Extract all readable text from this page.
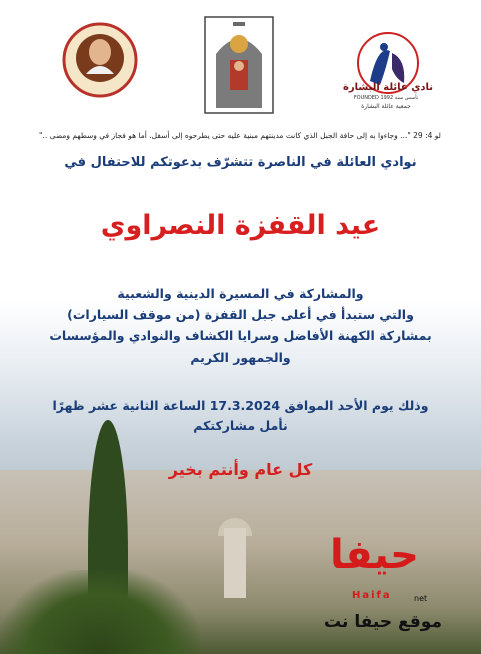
نادي عائلة البشارة
FOUNDED 1992 تأسس سنة
جمعية عائلة البشارة
لو 4: 29 "... وجاءوا به إلى حافة الجبل الذي كانت مدينتهم مبنية عليه حتى يطرحوه إلى أسفل. أما هو فجاز في وسطهم ومضى .."
نوادي العائلة في الناصرة تتشرّف بدعوتكم للاحتفال في
عيد القفزة النصراوي
والمشاركة في المسيرة الدينية والشعبية
والتي ستبدأ في أعلى جبل القفزة (من موقف السيارات)
بمشاركة الكهنة الأفاضل وسرايا الكشاف والنوادي والمؤسسات
والجمهور الكريم
وذلك يوم الأحد الموافق 17.3.2024 الساعة الثانية عشر ظهرًا
نأمل مشاركتكم
كل عام وأنتم بخير
حيفا
Haifa	net
موقع حيفا نت
